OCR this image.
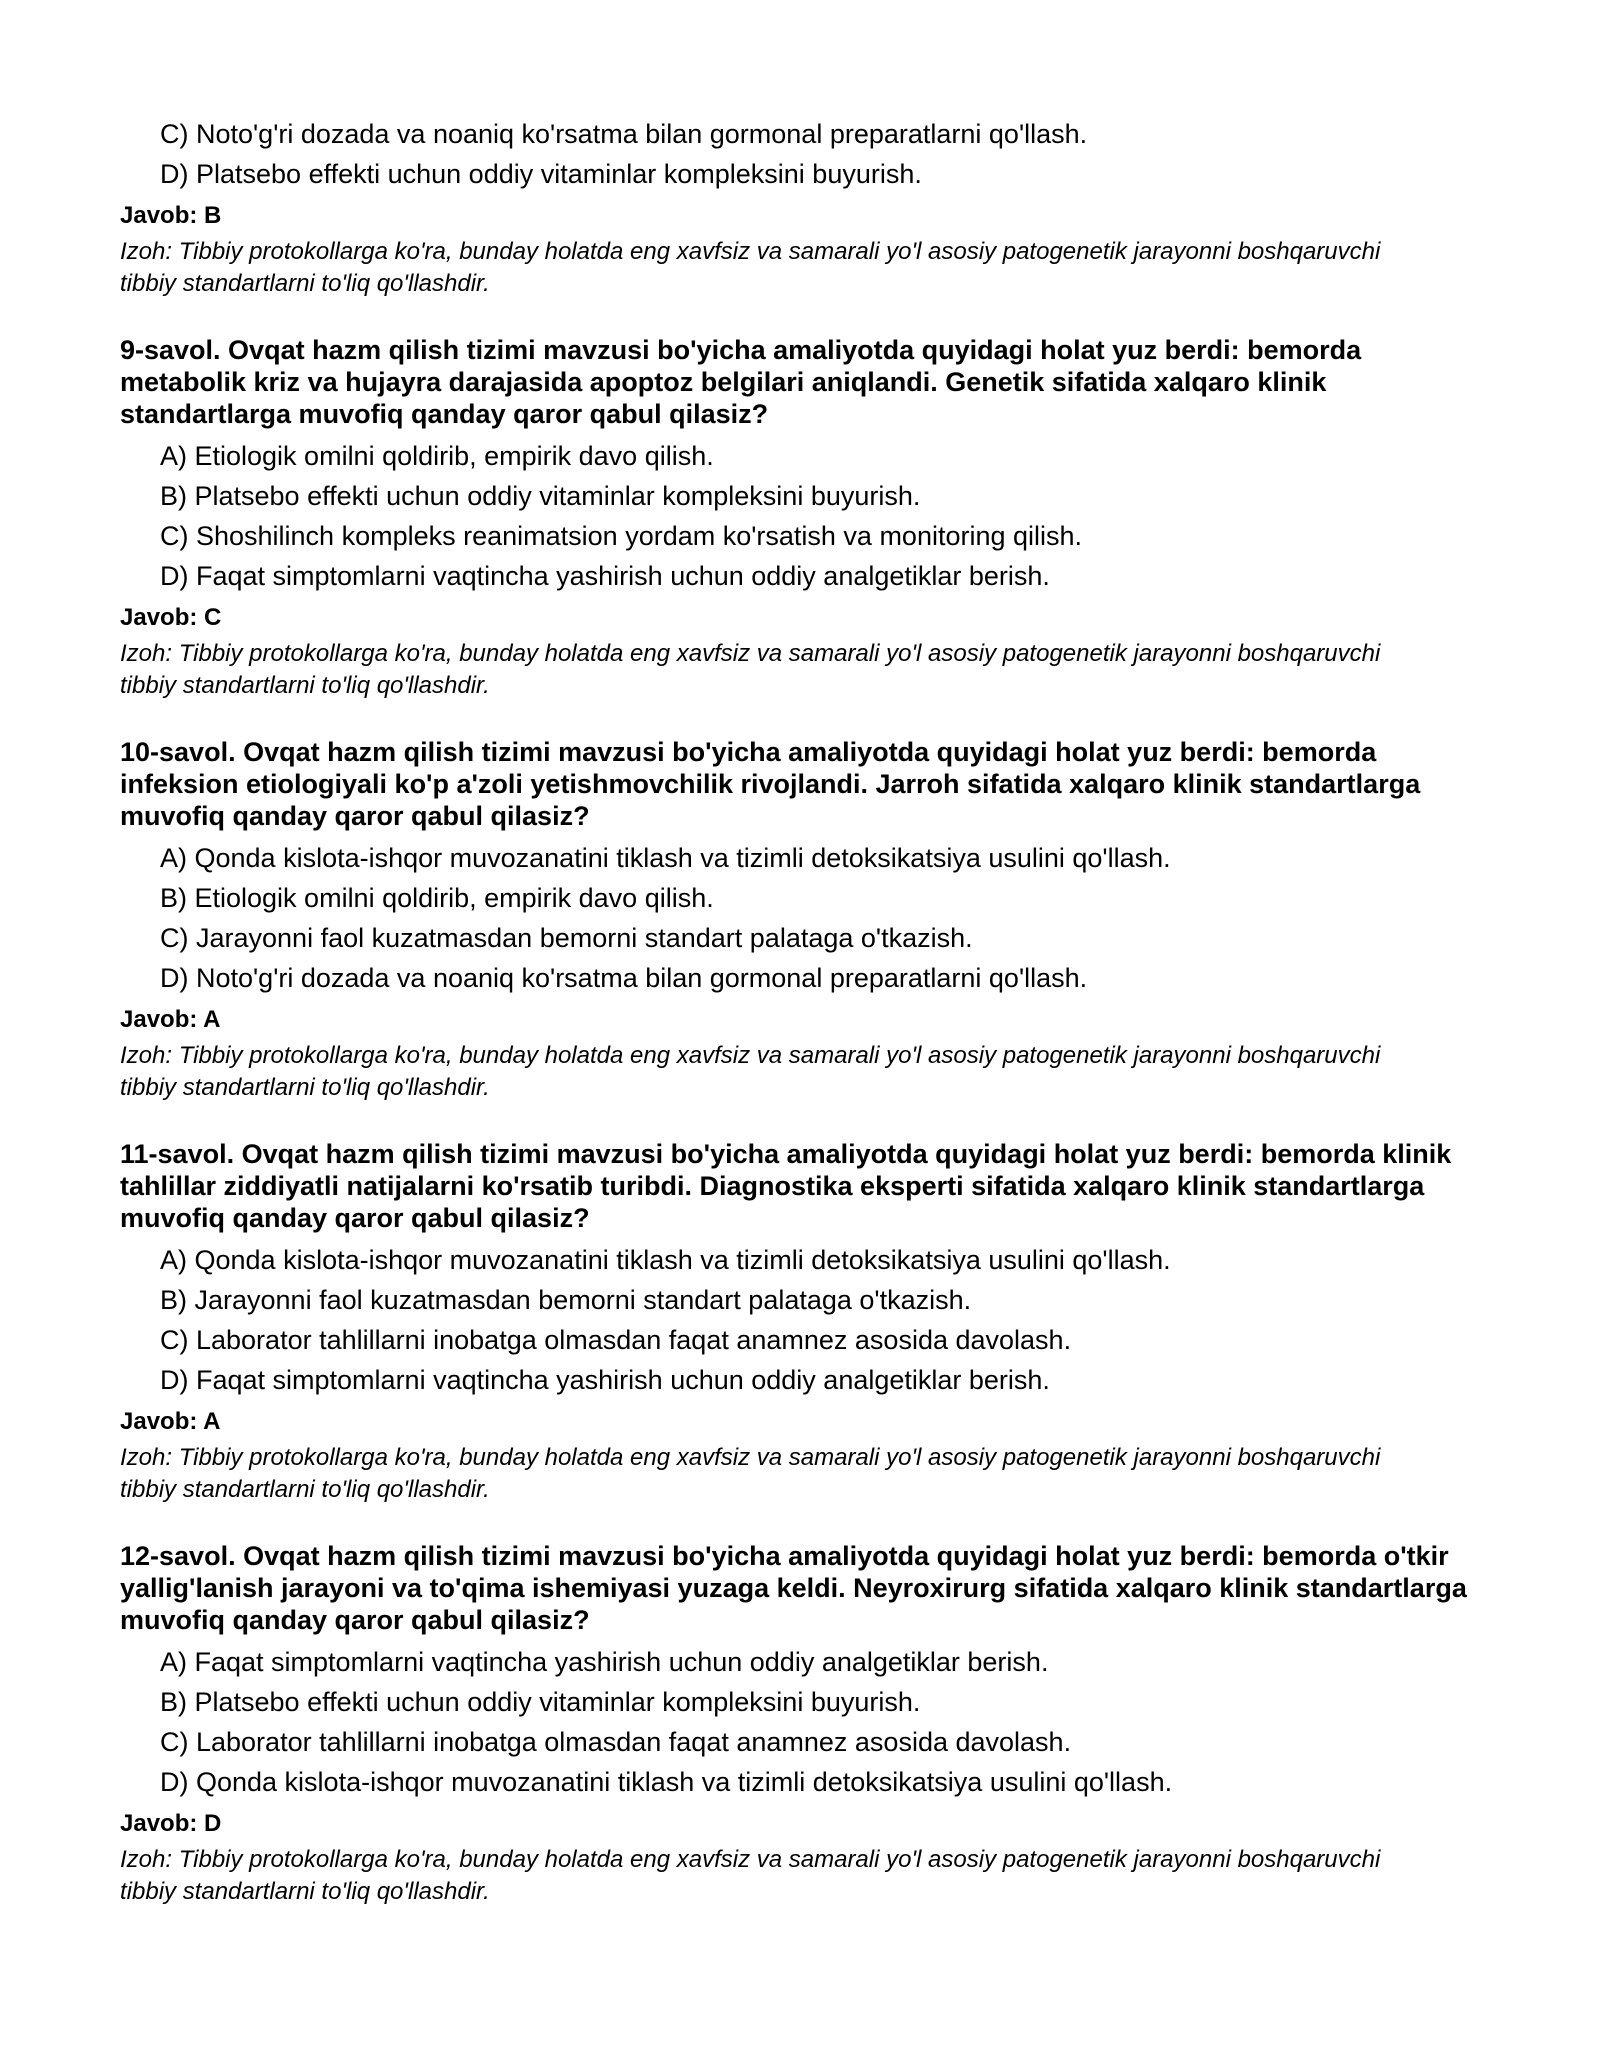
C) Noto'g'ri dozada va noaniq ko'rsatma bilan gormonal preparatlarni qo'llash.
D) Platsebo effekti uchun oddiy vitaminlar kompleksini buyurish.
Javob: B
Izoh: Tibbiy protokollarga ko'ra, bunday holatda eng xavfsiz va samarali yo'l asosiy patogenetik jarayonni boshqaruvchi tibbiy standartlarni to'liq qo'llashdir.
9-savol. Ovqat hazm qilish tizimi mavzusi bo'yicha amaliyotda quyidagi holat yuz berdi: bemorda metabolik kriz va hujayra darajasida apoptoz belgilari aniqlandi. Genetik sifatida xalqaro klinik standartlarga muvofiq qanday qaror qabul qilasiz?
A) Etiologik omilni qoldirib, empirik davo qilish.
B) Platsebo effekti uchun oddiy vitaminlar kompleksini buyurish.
C) Shoshilinch kompleks reanimatsion yordam ko'rsatish va monitoring qilish.
D) Faqat simptomlarni vaqtincha yashirish uchun oddiy analgetiklar berish.
Javob: C
Izoh: Tibbiy protokollarga ko'ra, bunday holatda eng xavfsiz va samarali yo'l asosiy patogenetik jarayonni boshqaruvchi tibbiy standartlarni to'liq qo'llashdir.
10-savol. Ovqat hazm qilish tizimi mavzusi bo'yicha amaliyotda quyidagi holat yuz berdi: bemorda infeksion etiologiyali ko'p a'zoli yetishmovchilik rivojlandi. Jarroh sifatida xalqaro klinik standartlarga muvofiq qanday qaror qabul qilasiz?
A) Qonda kislota-ishqor muvozanatini tiklash va tizimli detoksikatsiya usulini qo'llash.
B) Etiologik omilni qoldirib, empirik davo qilish.
C) Jarayonni faol kuzatmasdan bemorni standart palataga o'tkazish.
D) Noto'g'ri dozada va noaniq ko'rsatma bilan gormonal preparatlarni qo'llash.
Javob: A
Izoh: Tibbiy protokollarga ko'ra, bunday holatda eng xavfsiz va samarali yo'l asosiy patogenetik jarayonni boshqaruvchi tibbiy standartlarni to'liq qo'llashdir.
11-savol. Ovqat hazm qilish tizimi mavzusi bo'yicha amaliyotda quyidagi holat yuz berdi: bemorda klinik tahlillar ziddiyatli natijalarni ko'rsatib turibdi. Diagnostika eksperti sifatida xalqaro klinik standartlarga muvofiq qanday qaror qabul qilasiz?
A) Qonda kislota-ishqor muvozanatini tiklash va tizimli detoksikatsiya usulini qo'llash.
B) Jarayonni faol kuzatmasdan bemorni standart palataga o'tkazish.
C) Laborator tahlillarni inobatga olmasdan faqat anamnez asosida davolash.
D) Faqat simptomlarni vaqtincha yashirish uchun oddiy analgetiklar berish.
Javob: A
Izoh: Tibbiy protokollarga ko'ra, bunday holatda eng xavfsiz va samarali yo'l asosiy patogenetik jarayonni boshqaruvchi tibbiy standartlarni to'liq qo'llashdir.
12-savol. Ovqat hazm qilish tizimi mavzusi bo'yicha amaliyotda quyidagi holat yuz berdi: bemorda o'tkir yallig'lanish jarayoni va to'qima ishemiyasi yuzaga keldi. Neyroxirurg sifatida xalqaro klinik standartlarga muvofiq qanday qaror qabul qilasiz?
A) Faqat simptomlarni vaqtincha yashirish uchun oddiy analgetiklar berish.
B) Platsebo effekti uchun oddiy vitaminlar kompleksini buyurish.
C) Laborator tahlillarni inobatga olmasdan faqat anamnez asosida davolash.
D) Qonda kislota-ishqor muvozanatini tiklash va tizimli detoksikatsiya usulini qo'llash.
Javob: D
Izoh: Tibbiy protokollarga ko'ra, bunday holatda eng xavfsiz va samarali yo'l asosiy patogenetik jarayonni boshqaruvchi tibbiy standartlarni to'liq qo'llashdir.
